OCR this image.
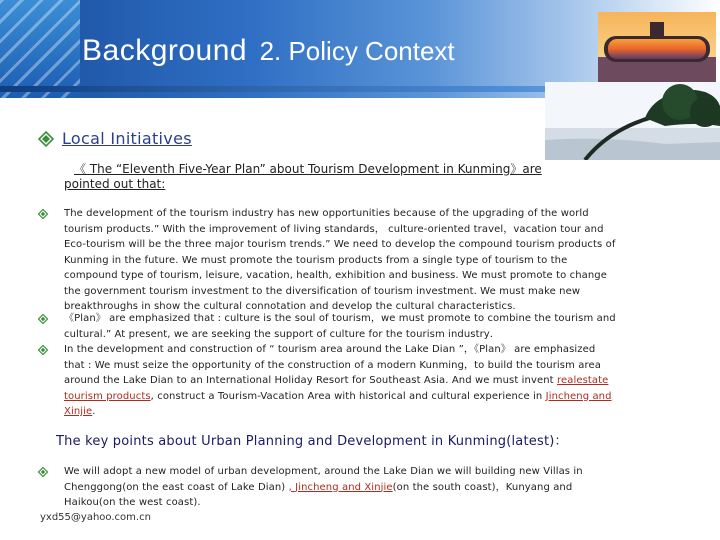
Background 2. Policy Context
Local Initiatives
《 The “Eleventh Five-Year Plan” about Tourism Development in Kunming》are
pointed out that:
The development of the tourism industry has new opportunities because of the upgrading of the world
tourism products.” With the improvement of living standards， culture-oriented travel，vacation tour and
Eco-tourism will be the three major tourism trends.” We need to develop the compound tourism products of
Kunming in the future. We must promote the tourism products from a single type of tourism to the
compound type of tourism, leisure, vacation, health, exhibition and business. We must promote to change
the government tourism investment to the diversification of tourism investment. We must make new
breakthroughs in show the cultural connotation and develop the cultural characteristics.
《Plan》 are emphasized that : culture is the soul of tourism，we must promote to combine the tourism and
cultural.” At present, we are seeking the support of culture for the tourism industry．
In the development and construction of “ tourism area around the Lake Dian ”，《Plan》 are emphasized
that : We must seize the opportunity of the construction of a modern Kunming，to build the tourism area
around the Lake Dian to an International Holiday Resort for Southeast Asia. And we must invent realestate
tourism products, construct a Tourism-Vacation Area with historical and cultural experience in Jincheng and
Xinjie.
The key points about Urban Planning and Development in Kunming(latest)：
We will adopt a new model of urban development, around the Lake Dian we will building new Villas in
Chenggong(on the east coast of Lake Dian) , Jincheng and Xinjie(on the south coast)，Kunyang and
Haikou(on the west coast).
yxd55@yahoo.com.cn
